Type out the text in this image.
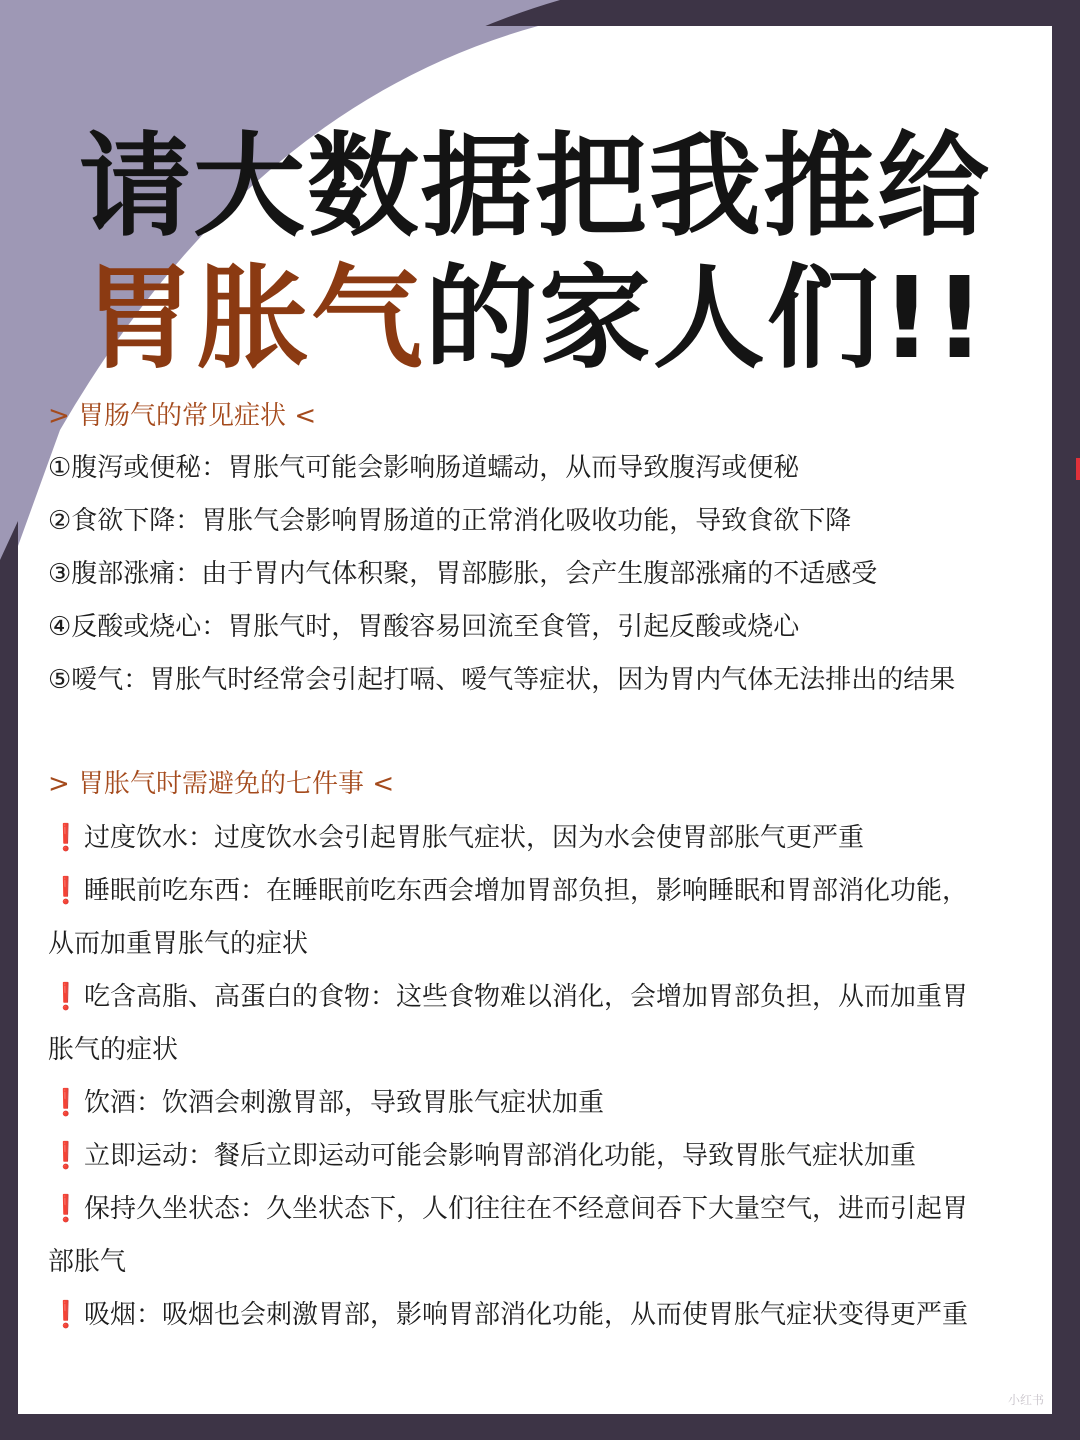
请大数据把我推给
胃胀气的家人们!!
> 胃肠气的常见症状 <
①腹泻或便秘：胃胀气可能会影响肠道蠕动，从而导致腹泻或便秘
②食欲下降：胃胀气会影响胃肠道的正常消化吸收功能，导致食欲下降
③腹部涨痛：由于胃内气体积聚，胃部膨胀，会产生腹部涨痛的不适感受
④反酸或烧心：胃胀气时，胃酸容易回流至食管，引起反酸或烧心
⑤嗳气：胃胀气时经常会引起打嗝、嗳气等症状，因为胃内气体无法排出的结果
> 胃胀气时需避免的七件事 <
❗过度饮水：过度饮水会引起胃胀气症状，因为水会使胃部胀气更严重
❗睡眠前吃东西：在睡眠前吃东西会增加胃部负担，影响睡眠和胃部消化功能，
从而加重胃胀气的症状
❗吃含高脂、高蛋白的食物：这些食物难以消化，会增加胃部负担，从而加重胃
胀气的症状
❗饮酒：饮酒会刺激胃部，导致胃胀气症状加重
❗立即运动：餐后立即运动可能会影响胃部消化功能，导致胃胀气症状加重
❗保持久坐状态：久坐状态下，人们往往在不经意间吞下大量空气，进而引起胃
部胀气
❗吸烟：吸烟也会刺激胃部，影响胃部消化功能，从而使胃胀气症状变得更严重
小红书
